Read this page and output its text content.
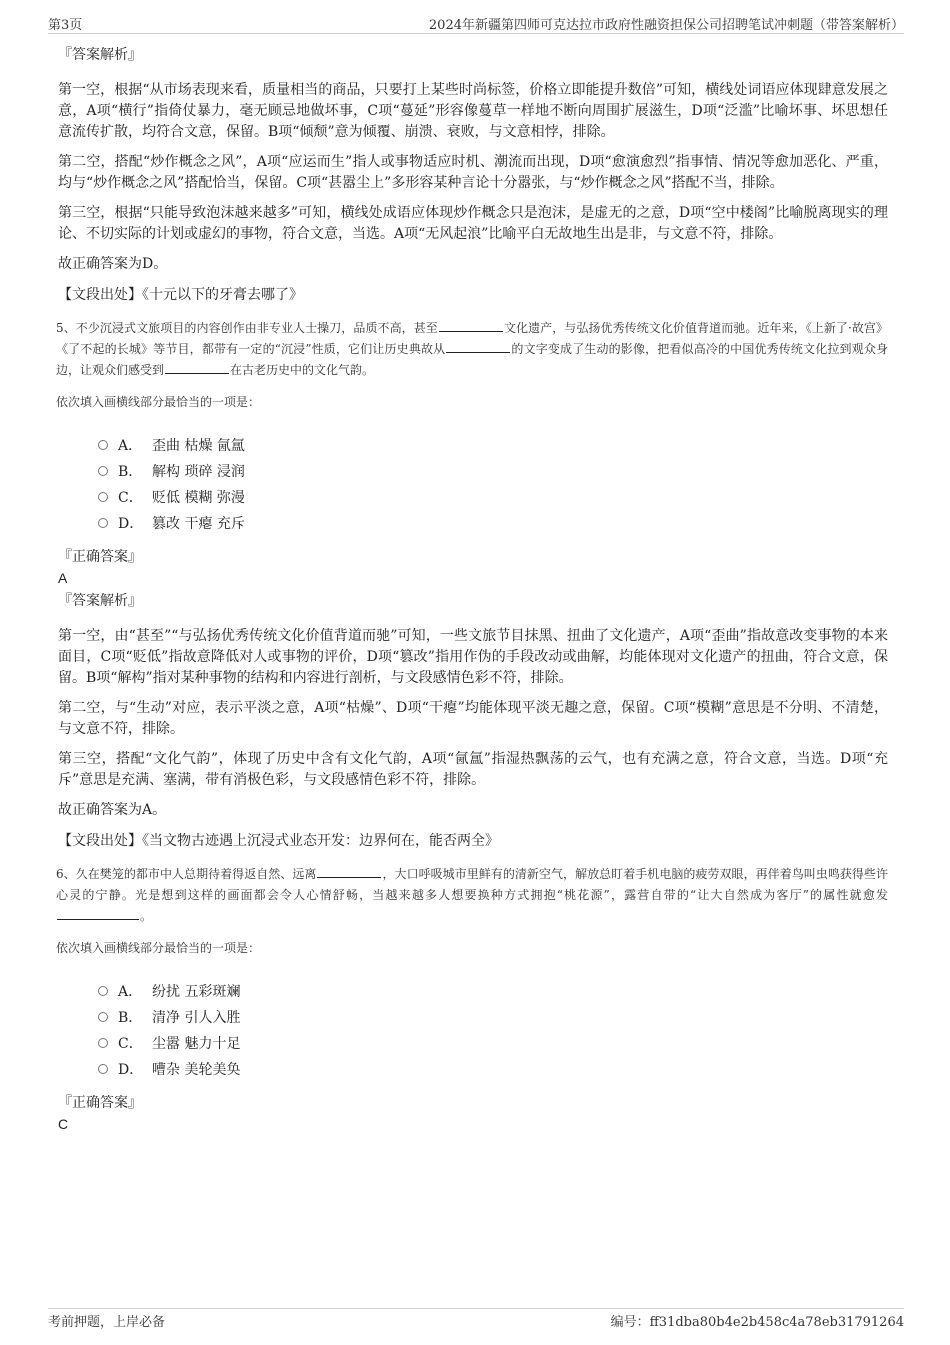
第3页	2024年新疆第四师可克达拉市政府性融资担保公司招聘笔试冲刺题（带答案解析）
『答案解析』

第一空，根据“从市场表现来看，质量相当的商品，只要打上某些时尚标签，价格立即能提升数倍”可知，横线处词语应体现肆意发展之意，A项“横行”指倚仗暴力，毫无顾忌地做坏事，C项“蔓延”形容像蔓草一样地不断向周围扩展滋生，D项“泛滥”比喻坏事、坏思想任意流传扩散，均符合文意，保留。B项“倾颓”意为倾覆、崩溃、衰败，与文意相悖，排除。

第二空，搭配“炒作概念之风”，A项“应运而生”指人或事物适应时机、潮流而出现，D项“愈演愈烈”指事情、情况等愈加恶化、严重，均与“炒作概念之风”搭配恰当，保留。C项“甚嚣尘上”多形容某种言论十分嚣张，与“炒作概念之风”搭配不当，排除。

第三空，根据“只能导致泡沫越来越多”可知，横线处成语应体现炒作概念只是泡沫，是虚无的之意，D项“空中楼阁”比喻脱离现实的理论、不切实际的计划或虚幻的事物，符合文意，当选。A项“无风起浪”比喻平白无故地生出是非，与文意不符，排除。

故正确答案为D。

【文段出处】《十元以下的牙膏去哪了》

5、不少沉浸式文旅项目的内容创作由非专业人士操刀，品质不高，甚至	文化遗产，与弘扬优秀传统文化价值背道而驰。近年来，《上新了·故宫》《了不起的长城》等节目，都带有一定的“沉浸”性质，它们让历史典故从	的文字变成了生动的影像，把看似高冷的中国优秀传统文化拉到观众身边，让观众们感受到	在古老历史中的文化气韵。

依次填入画横线部分最恰当的一项是：
A． 歪曲 枯燥 氤氲
B． 解构 琐碎 浸润
C． 贬低 模糊 弥漫
D． 篡改 干瘪 充斥
『正确答案』
A
『答案解析』

第一空，由“甚至”“与弘扬优秀传统文化价值背道而驰”可知，一些文旅节目抹黑、扭曲了文化遗产，A项“歪曲”指故意改变事物的本来面目，C项“贬低”指故意降低对人或事物的评价，D项“篡改”指用作伪的手段改动或曲解，均能体现对文化遗产的扭曲，符合文意，保留。B项“解构”指对某种事物的结构和内容进行剖析，与文段感情色彩不符，排除。

第二空，与“生动”对应，表示平淡之意，A项“枯燥”、D项“干瘪”均能体现平淡无趣之意，保留。C项“模糊”意思是不分明、不清楚，与文意不符，排除。

第三空，搭配“文化气韵”，体现了历史中含有文化气韵，A项“氤氲”指湿热飘荡的云气，也有充满之意，符合文意，当选。D项“充斥”意思是充满、塞满，带有消极色彩，与文段感情色彩不符，排除。

故正确答案为A。

【文段出处】《当文物古迹遇上沉浸式业态开发：边界何在，能否两全》

6、久在樊笼的都市中人总期待着得返自然、远离	，大口呼吸城市里鲜有的清新空气，解放总盯着手机电脑的疲劳双眼，再伴着鸟叫虫鸣获得些许心灵的宁静。光是想到这样的画面都会令人心情舒畅，当越来越多人想要换种方式拥抱“桃花源”，露营自带的“让大自然成为客厅”的属性就愈发。

依次填入画横线部分最恰当的一项是：
A． 纷扰 五彩斑斓
B． 清净 引人入胜
C． 尘嚣 魅力十足
D． 嘈杂 美轮美奂
『正确答案』
C
考前押题，上岸必备	编号：ff31dba80b4e2b458c4a78eb31791264
